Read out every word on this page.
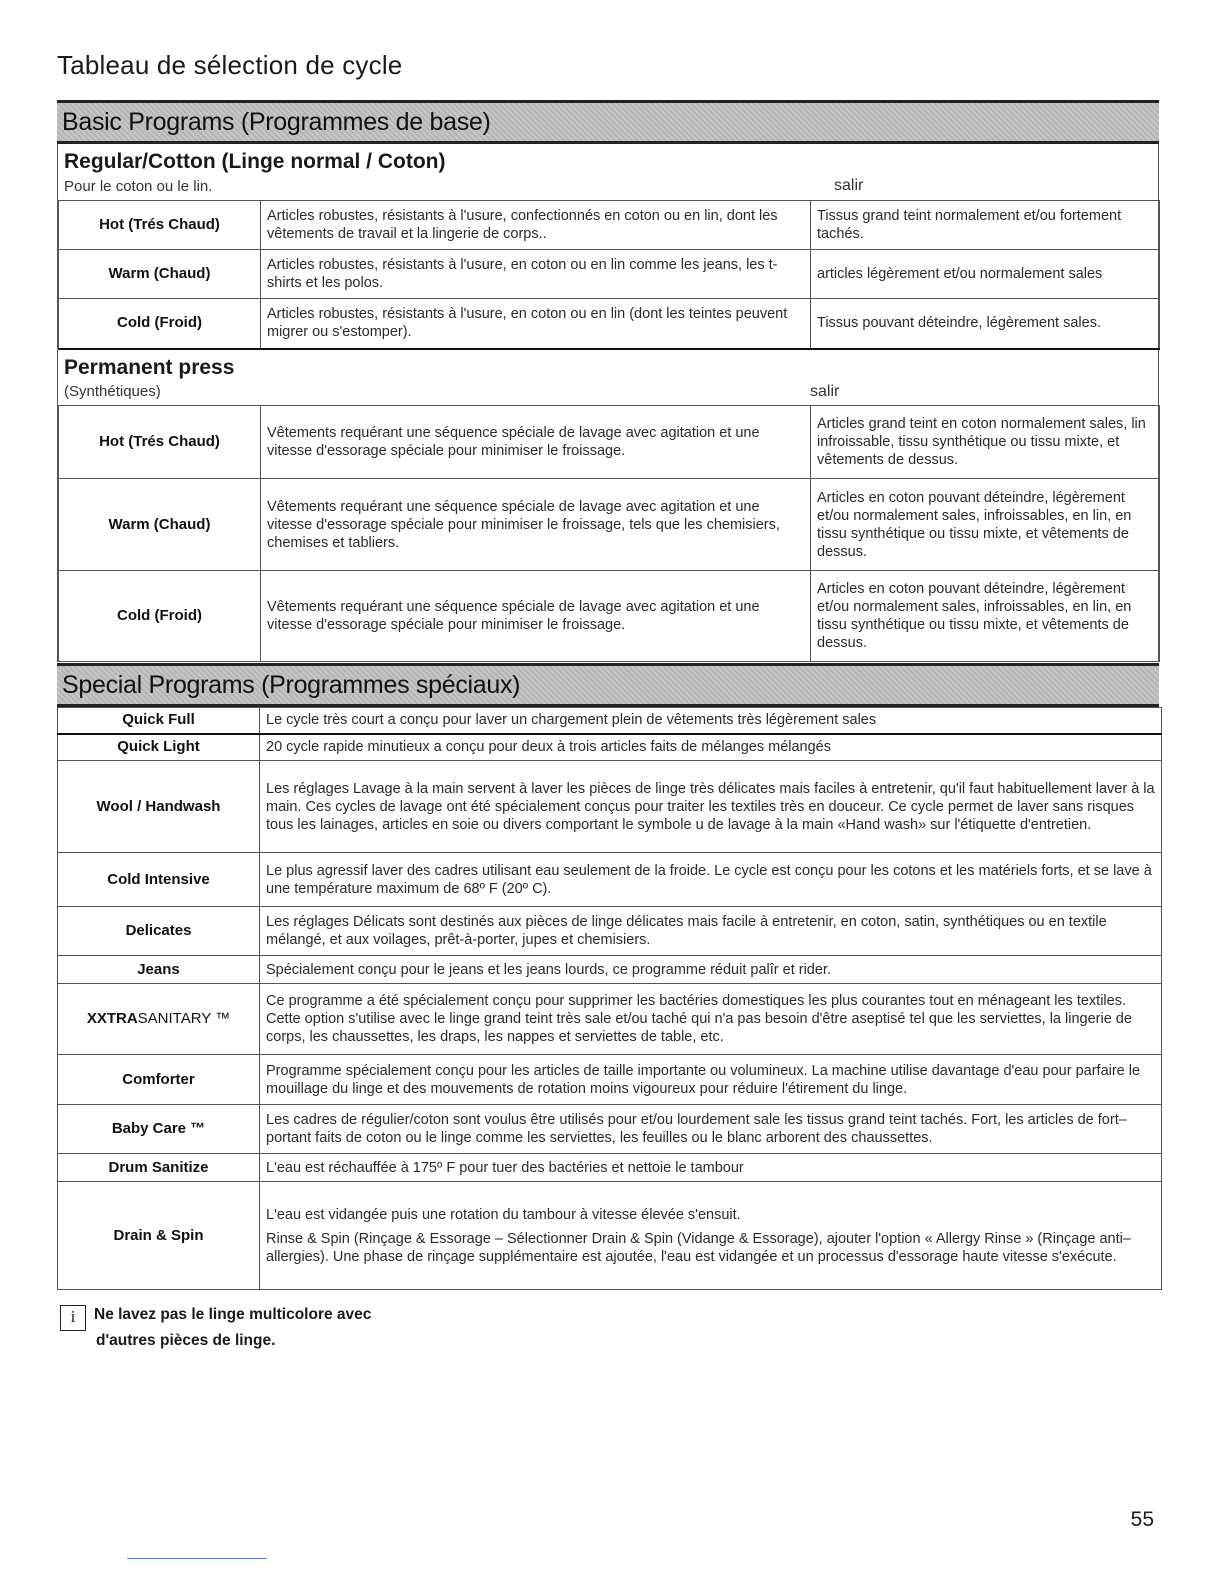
Tableau de sélection de cycle
Basic Programs (Programmes de base)
Regular/Cotton (Linge normal / Coton)
Pour le coton ou le lin.	salir
Hot (Trés Chaud)	Articles robustes, résistants à l'usure, confectionnés en coton ou en lin, dont les vêtements de travail et la lingerie de corps..	Tissus grand teint normalement et/ou fortement tachés.
Warm (Chaud)	Articles robustes, résistants à l'usure, en coton ou en lin comme les jeans, les t-shirts et les polos.	articles légèrement et/ou normalement sales
Cold (Froid)	Articles robustes, résistants à l'usure, en coton ou en lin (dont les teintes peuvent migrer ou s'estomper).	Tissus pouvant déteindre, légèrement sales.
Permanent press
(Synthétiques)	salir
Hot (Trés Chaud)	Vêtements requérant une séquence spéciale de lavage avec agitation et une vitesse d'essorage spéciale pour minimiser le froissage.	Articles grand teint en coton normalement sales, lin infroissable, tissu synthétique ou tissu mixte, et vêtements de dessus.
Warm (Chaud)	Vêtements requérant une séquence spéciale de lavage avec agitation et une vitesse d'essorage spéciale pour minimiser le froissage, tels que les chemisiers, chemises et tabliers.	Articles en coton pouvant déteindre, légèrement et/ou normalement sales, infroissables, en lin, en tissu synthétique ou tissu mixte, et vêtements de dessus.
Cold (Froid)	Vêtements requérant une séquence spéciale de lavage avec agitation et une vitesse d'essorage spéciale pour minimiser le froissage.	Articles en coton pouvant déteindre, légèrement et/ou normalement sales, infroissables, en lin, en tissu synthétique ou tissu mixte, et vêtements de dessus.
Special Programs (Programmes spéciaux)
Quick Full	Le cycle très court a conçu pour laver un chargement plein de vêtements très légèrement sales
Quick Light	20 cycle rapide minutieux a conçu pour deux à trois articles faits de mélanges mélangés
Wool / Handwash	Les réglages Lavage à la main servent à laver les pièces de linge très délicates mais faciles à entretenir, qu'il faut habituellement laver à la main. Ces cycles de lavage ont été spécialement conçus pour traiter les textiles très en douceur. Ce cycle permet de laver sans risques tous les lainages, articles en soie ou divers comportant le symbole u de lavage à la main «Hand wash» sur l'étiquette d'entretien.
Cold Intensive	Le plus agressif laver des cadres utilisant eau seulement de la froide. Le cycle est conçu pour les cotons et les matériels forts, et se lave à une température maximum de 68º F (20º C).
Delicates	Les réglages Délicats sont destinés aux pièces de linge délicates mais facile à entretenir, en coton, satin, synthétiques ou en textile mélangé, et aux voilages, prêt-à-porter, jupes et chemisiers.
Jeans	Spécialement conçu pour le jeans et les jeans lourds, ce programme réduit palîr et rider.
XXTRASANITARY ™	Ce programme a été spécialement conçu pour supprimer les bactéries domestiques les plus courantes tout en ménageant les textiles. Cette option s'utilise avec le linge grand teint très sale et/ou taché qui n'a pas besoin d'être aseptisé tel que les serviettes, la lingerie de corps, les chaussettes, les draps, les nappes et serviettes de table, etc.
Comforter	Programme spécialement conçu pour les articles de taille importante ou volumineux. La machine utilise davantage d'eau pour parfaire le mouillage du linge et des mouvements de rotation moins vigoureux pour réduire l'étirement du linge.
Baby Care ™	Les cadres de régulier/coton sont voulus être utilisés pour et/ou lourdement sale les tissus grand teint tachés. Fort, les articles de fort–portant faits de coton ou le linge comme les serviettes, les feuilles ou le blanc arborent des chaussettes.
Drum Sanitize	L'eau est réchauffée à 175º F pour tuer des bactéries et nettoie le tambour
Drain & Spin	L'eau est vidangée puis une rotation du tambour à vitesse élevée s'ensuit.
Rinse & Spin (Rinçage & Essorage – Sélectionner Drain & Spin (Vidange & Essorage), ajouter l'option « Allergy Rinse » (Rinçage anti–allergies). Une phase de rinçage supplémentaire est ajoutée, l'eau est vidangée et un processus d'essorage haute vitesse s'exécute.
i Ne lavez pas le linge multicolore avec
d'autres pièces de linge.
55
